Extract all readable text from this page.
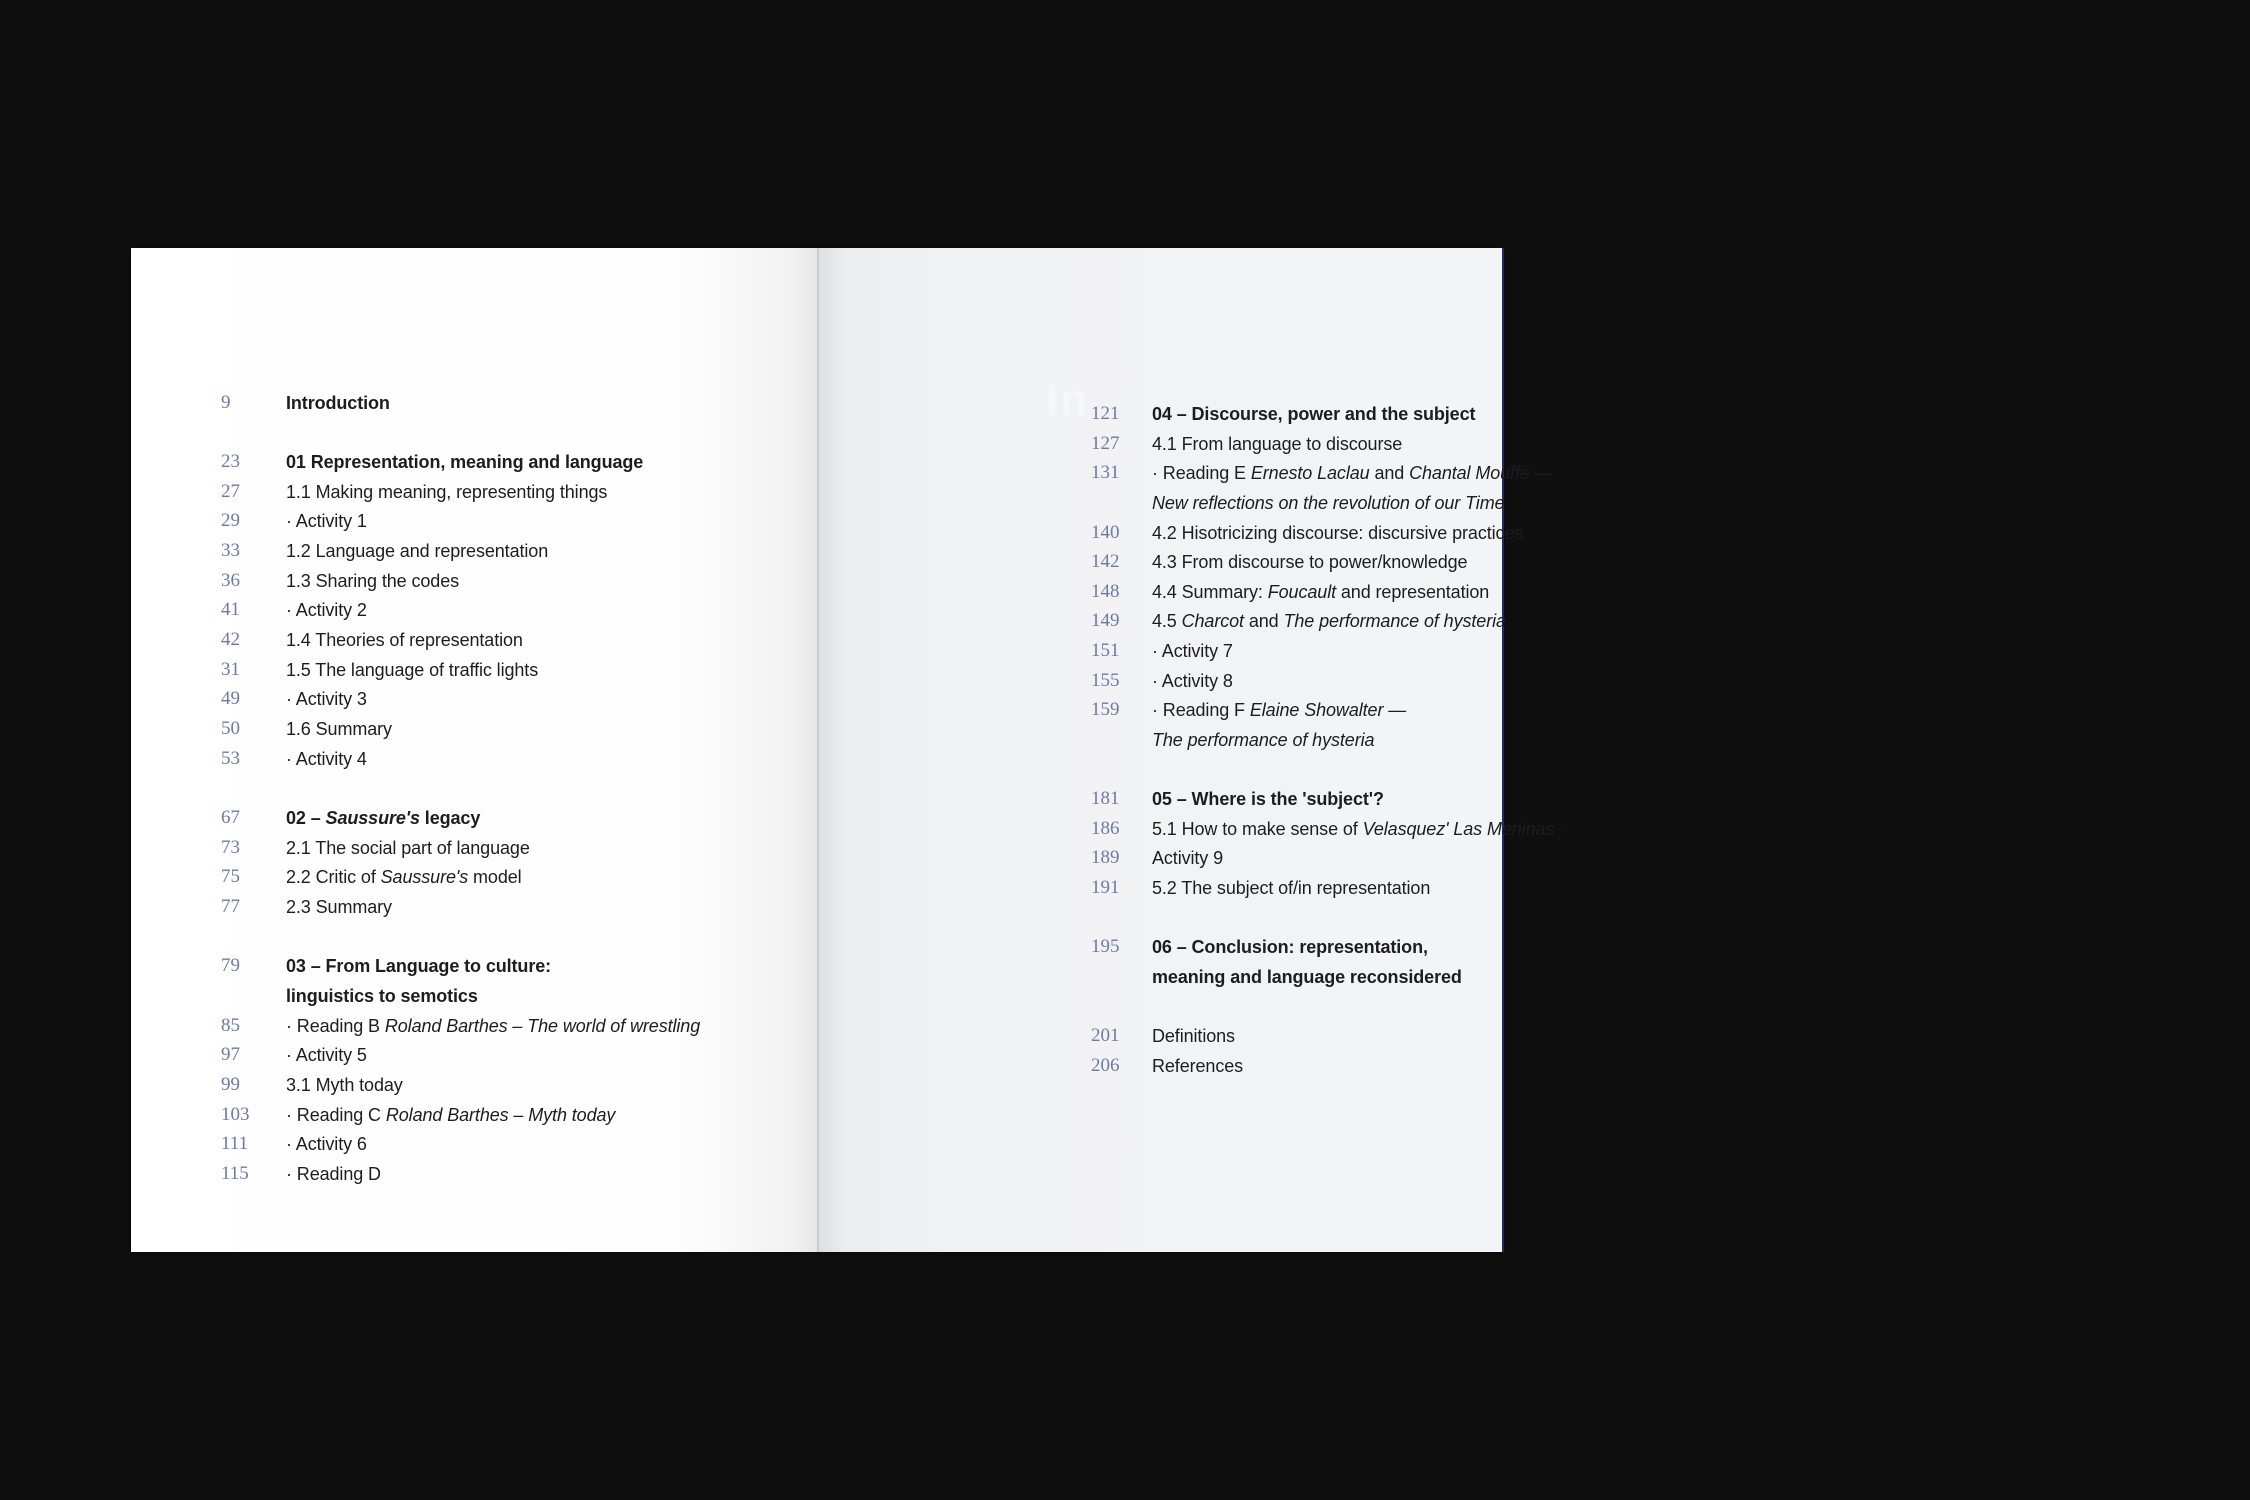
9	Introduction
23	01 Representation, meaning and language
27	1.1 Making meaning, representing things
29	· Activity 1
33	1.2 Language and representation
36	1.3 Sharing the codes
41	· Activity 2
42	1.4 Theories of representation
31	1.5 The language of traffic lights
49	· Activity 3
50	1.6 Summary
53	· Activity 4
67	02 – Saussure's legacy
73	2.1 The social part of language
75	2.2 Critic of Saussure's model
77	2.3 Summary
79	03 – From Language to culture:
linguistics to semotics
85	· Reading B Roland Barthes – The world of wrestling
97	· Activity 5
99	3.1 Myth today
103	· Reading C Roland Barthes – Myth today
111	· Activity 6
115	· Reading D
In 121	04 – Discourse, power and the subject
127	4.1 From language to discourse
131	· Reading E Ernesto Laclau and Chantal Mouffe —
New reflections on the revolution of our Time
140	4.2 Hisotricizing discourse: discursive practices
142	4.3 From discourse to power/knowledge
148	4.4 Summary: Foucault and representation
149	4.5 Charcot and The performance of hysteria
151	· Activity 7
155	· Activity 8
159	· Reading F Elaine Showalter —
The performance of hysteria
181	05 – Where is the 'subject'?
186	5.1 How to make sense of Velasquez' Las Meninas ·
189	Activity 9
191	5.2 The subject of/in representation
195	06 – Conclusion: representation,
meaning and language reconsidered
201	Definitions
206	References
